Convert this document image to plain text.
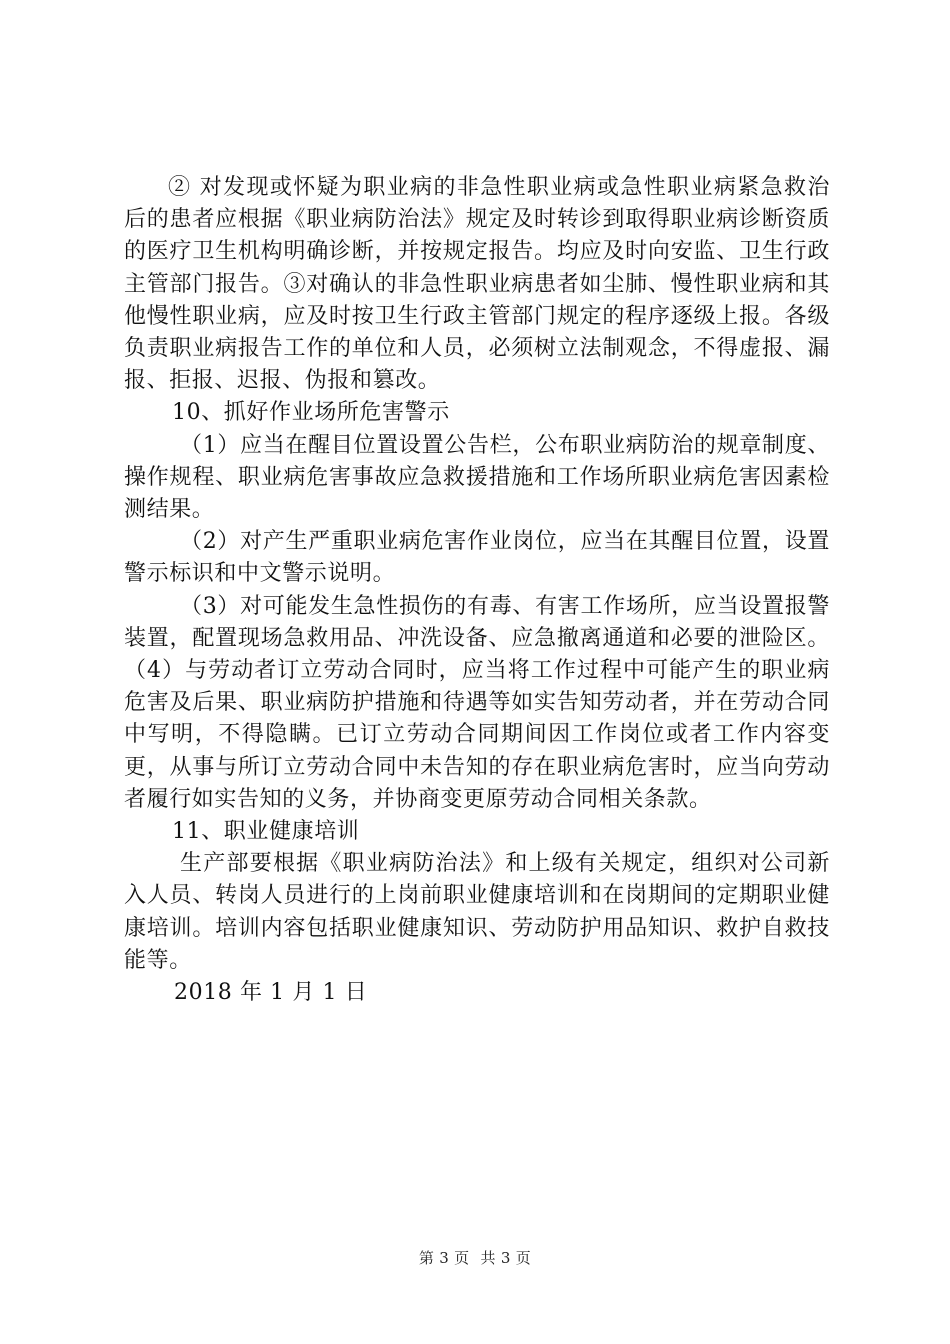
② 对发现或怀疑为职业病的非急性职业病或急性职业病紧急救治后的患者应根据《职业病防治法》规定及时转诊到取得职业病诊断资质的医疗卫生机构明确诊断，并按规定报告。均应及时向安监、卫生行政主管部门报告。③对确认的非急性职业病患者如尘肺、慢性职业病和其他慢性职业病，应及时按卫生行政主管部门规定的程序逐级上报。各级负责职业病报告工作的单位和人员，必须树立法制观念，不得虚报、漏报、拒报、迟报、伪报和篡改。

10、抓好作业场所危害警示

（1）应当在醒目位置设置公告栏，公布职业病防治的规章制度、操作规程、职业病危害事故应急救援措施和工作场所职业病危害因素检测结果。

（2）对产生严重职业病危害作业岗位，应当在其醒目位置，设置警示标识和中文警示说明。

（3）对可能发生急性损伤的有毒、有害工作场所，应当设置报警装置，配置现场急救用品、冲洗设备、应急撤离通道和必要的泄险区。（4）与劳动者订立劳动合同时，应当将工作过程中可能产生的职业病危害及后果、职业病防护措施和待遇等如实告知劳动者，并在劳动合同中写明，不得隐瞒。已订立劳动合同期间因工作岗位或者工作内容变更，从事与所订立劳动合同中未告知的存在职业病危害时，应当向劳动者履行如实告知的义务，并协商变更原劳动合同相关条款。

11、职业健康培训

生产部要根据《职业病防治法》和上级有关规定，组织对公司新入人员、转岗人员进行的上岗前职业健康培训和在岗期间的定期职业健康培训。培训内容包括职业健康知识、劳动防护用品知识、救护自救技能等。

2018 年 1 月 1 日

第 3 页 共 3 页
